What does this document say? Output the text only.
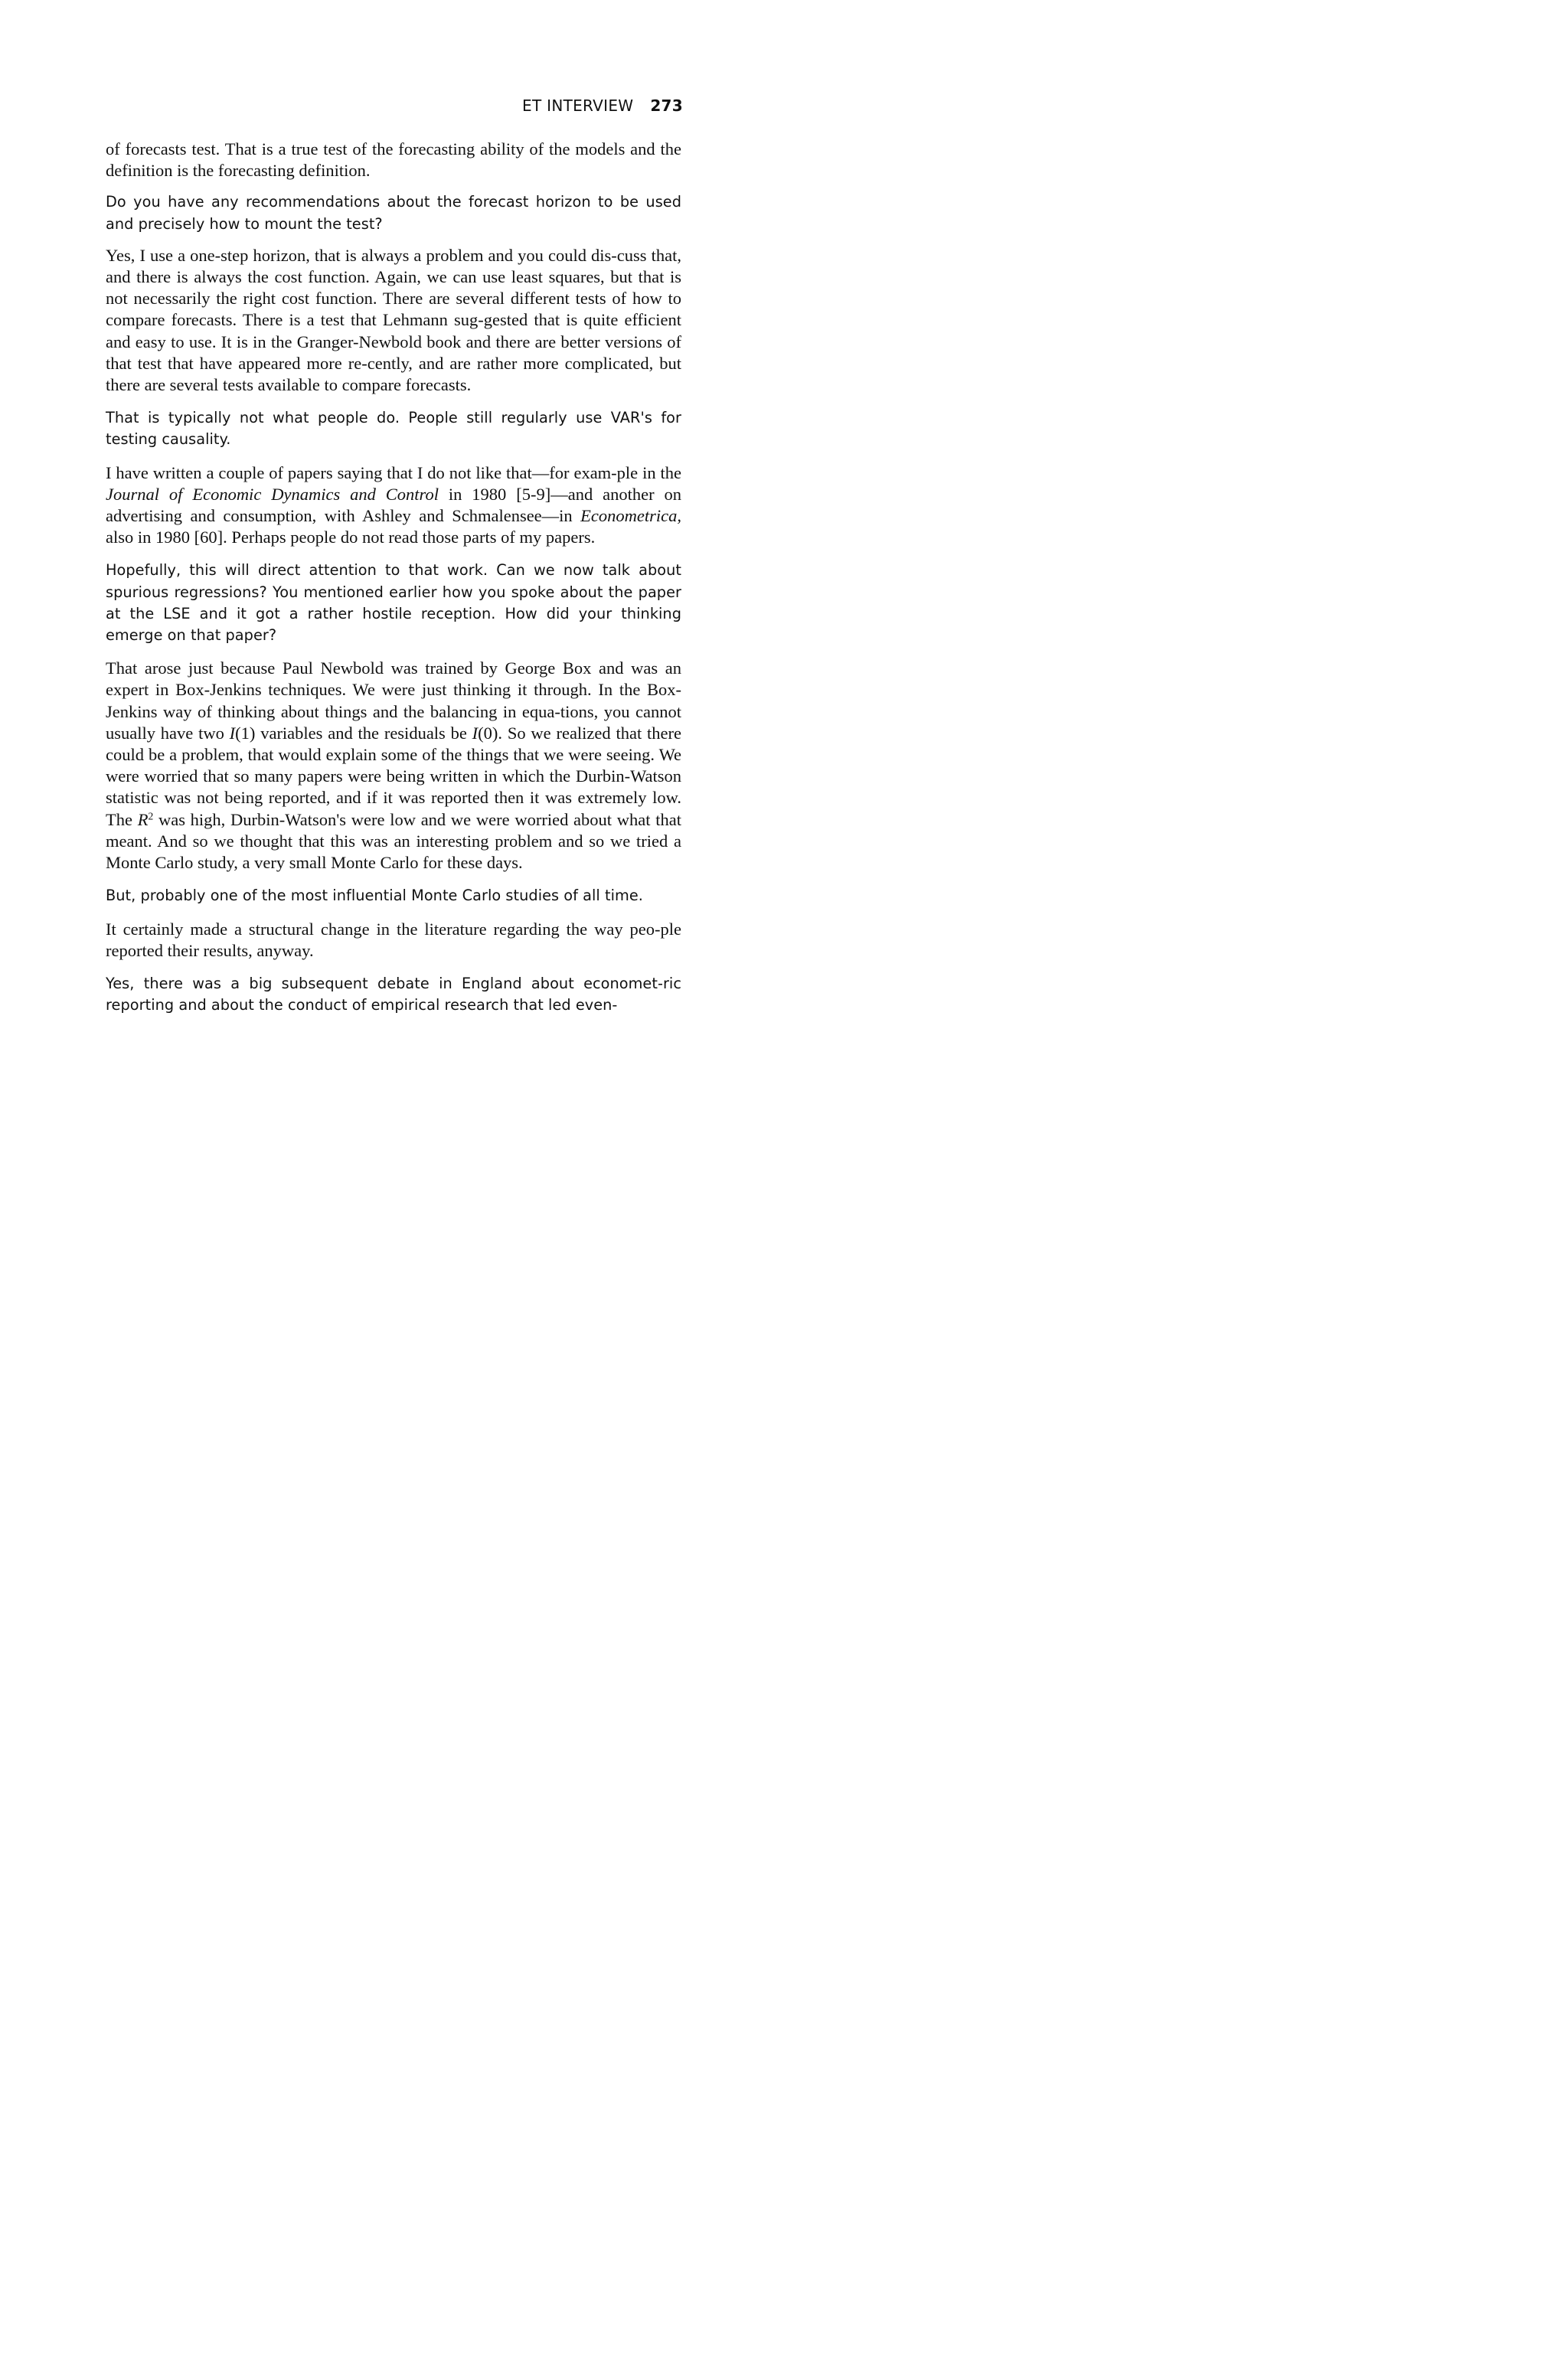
ET INTERVIEW 273

of forecasts test. That is a true test of the forecasting ability of the models and the definition is the forecasting definition.

Do you have any recommendations about the forecast horizon to be used and precisely how to mount the test?

Yes, I use a one-step horizon, that is always a problem and you could dis-cuss that, and there is always the cost function. Again, we can use least squares, but that is not necessarily the right cost function. There are several different tests of how to compare forecasts. There is a test that Lehmann sug-gested that is quite efficient and easy to use. It is in the Granger-Newbold book and there are better versions of that test that have appeared more re-cently, and are rather more complicated, but there are several tests available to compare forecasts.

That is typically not what people do. People still regularly use VAR's for testing causality.

I have written a couple of papers saying that I do not like that—for exam-ple in the Journal of Economic Dynamics and Control in 1980 [5-9]—and another on advertising and consumption, with Ashley and Schmalensee—in Econometrica, also in 1980 [60]. Perhaps people do not read those parts of my papers.

Hopefully, this will direct attention to that work. Can we now talk about spurious regressions? You mentioned earlier how you spoke about the paper at the LSE and it got a rather hostile reception. How did your thinking emerge on that paper?

That arose just because Paul Newbold was trained by George Box and was an expert in Box-Jenkins techniques. We were just thinking it through. In the Box-Jenkins way of thinking about things and the balancing in equa-tions, you cannot usually have two I(1) variables and the residuals be I(0). So we realized that there could be a problem, that would explain some of the things that we were seeing. We were worried that so many papers were being written in which the Durbin-Watson statistic was not being reported, and if it was reported then it was extremely low. The $R^2$ was high, Durbin-Watson's were low and we were worried about what that meant. And so we thought that this was an interesting problem and so we tried a Monte Carlo study, a very small Monte Carlo for these days.

But, probably one of the most influential Monte Carlo studies of all time.

It certainly made a structural change in the literature regarding the way peo-ple reported their results, anyway.

Yes, there was a big subsequent debate in England about economet-ric reporting and about the conduct of empirical research that led even-
